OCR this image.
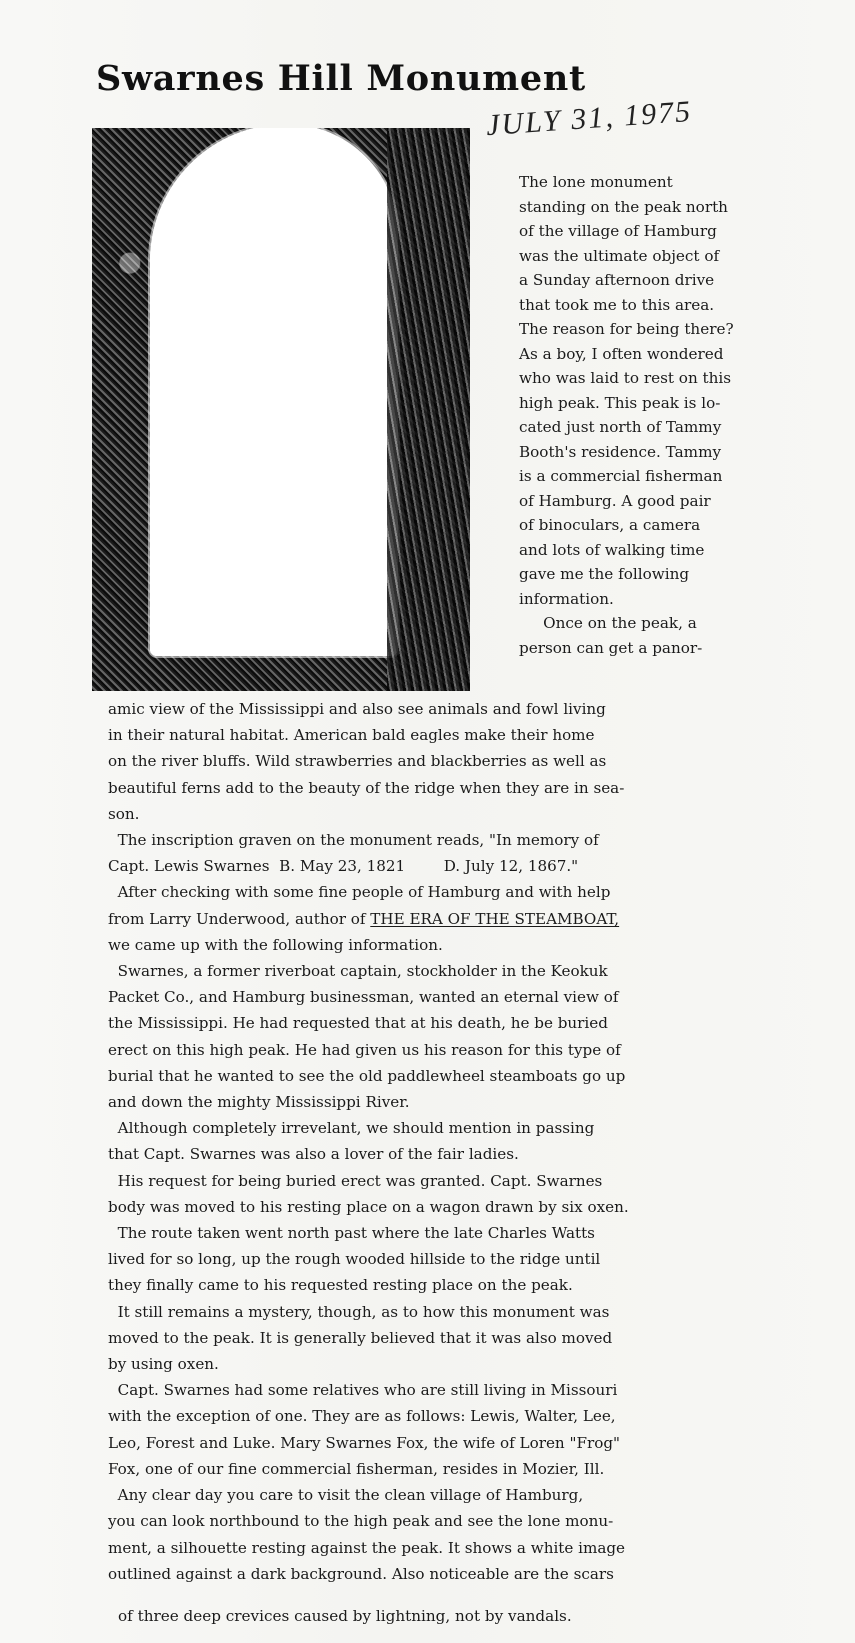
Swarnes Hill Monument
JULY 31, 1975

The lone monument
standing on the peak north
of the village of Hamburg
was the ultimate object of
a Sunday afternoon drive
that took me to this area.
The reason for being there?
As a boy, I often wondered
who was laid to rest on this
high peak. This peak is lo-
cated just north of Tammy
Booth's residence. Tammy
is a commercial fisherman
of Hamburg. A good pair
of binoculars, a camera
and lots of walking time
gave me the following
information.
Once on the peak, a
person can get a panor-

amic view of the Mississippi and also see animals and fowl living
in their natural habitat. American bald eagles make their home
on the river bluffs. Wild strawberries and blackberries as well as
beautiful ferns add to the beauty of the ridge when they are in sea-
son.
The inscription graven on the monument reads, "In memory of
Capt. Lewis Swarnes  B. May 23, 1821        D. July 12, 1867."
After checking with some fine people of Hamburg and with help
from Larry Underwood, author of THE ERA OF THE STEAMBOAT,
we came up with the following information.
Swarnes, a former riverboat captain, stockholder in the Keokuk
Packet Co., and Hamburg businessman, wanted an eternal view of
the Mississippi. He had requested that at his death, he be buried
erect on this high peak. He had given us his reason for this type of
burial that he wanted to see the old paddlewheel steamboats go up
and down the mighty Mississippi River.
Although completely irrevelant, we should mention in passing
that Capt. Swarnes was also a lover of the fair ladies.
His request for being buried erect was granted. Capt. Swarnes
body was moved to his resting place on a wagon drawn by six oxen.
The route taken went north past where the late Charles Watts
lived for so long, up the rough wooded hillside to the ridge until
they finally came to his requested resting place on the peak.
It still remains a mystery, though, as to how this monument was
moved to the peak. It is generally believed that it was also moved
by using oxen.
Capt. Swarnes had some relatives who are still living in Missouri
with the exception of one. They are as follows: Lewis, Walter, Lee,
Leo, Forest and Luke. Mary Swarnes Fox, the wife of Loren "Frog"
Fox, one of our fine commercial fisherman, resides in Mozier, Ill.
Any clear day you care to visit the clean village of Hamburg,
you can look northbound to the high peak and see the lone monu-
ment, a silhouette resting against the peak. It shows a white image
outlined against a dark background. Also noticeable are the scars

of three deep crevices caused by lightning, not by vandals.
